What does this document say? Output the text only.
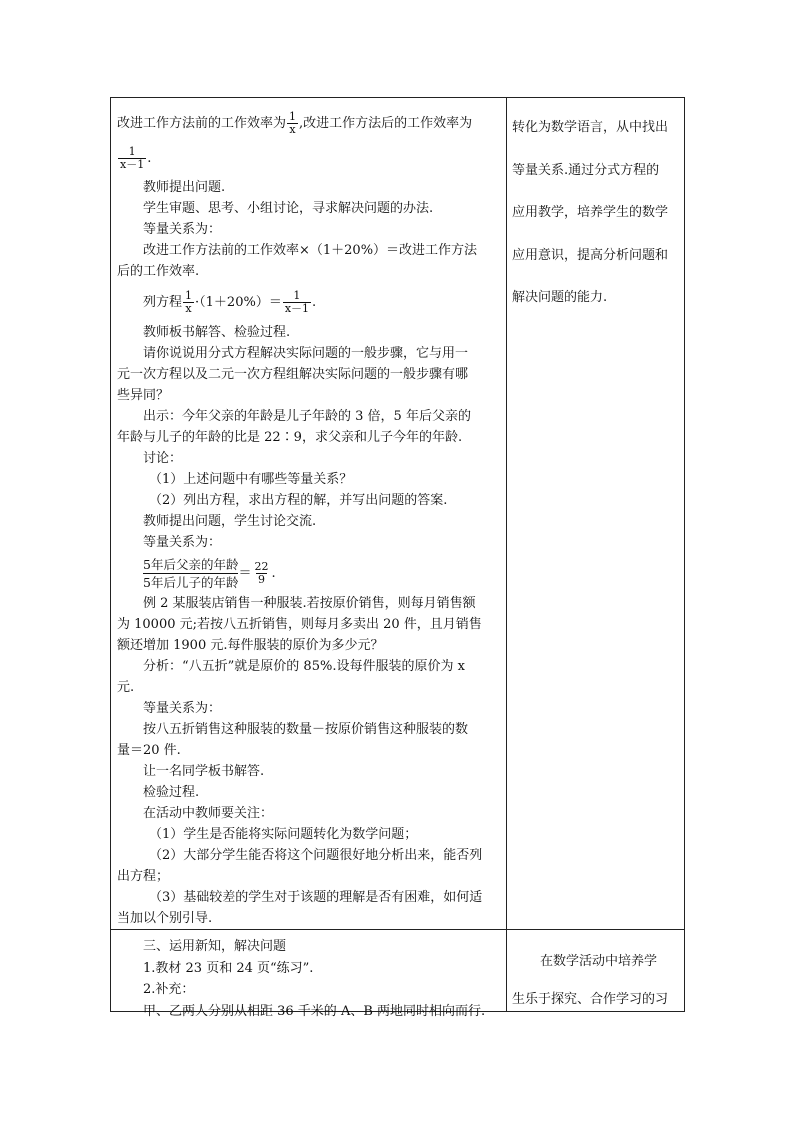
改进工作方法前的工作效率为 $\frac{1}{x}$ ,改进工作方法后的工作效率为
$\frac{1}{x-1}$ .
教师提出问题.
学生审题、思考、小组讨论，寻求解决问题的办法.
等量关系为：
改进工作方法前的工作效率×（1＋20%）＝改进工作方法
后的工作效率.
列方程 $\frac{1}{x} \cdot(1+20\%)= \frac{1}{x-1}$ .
教师板书解答、检验过程.
请你说说用分式方程解决实际问题的一般步骤，它与用一
元一次方程以及二元一次方程组解决实际问题的一般步骤有哪
些异同？
出示：今年父亲的年龄是儿子年龄的 3 倍，5 年后父亲的
年龄与儿子的年龄的比是 22∶9，求父亲和儿子今年的年龄.
讨论：
（1）上述问题中有哪些等量关系？
（2）列出方程，求出方程的解，并写出问题的答案.
教师提出问题，学生讨论交流.
等量关系为：
5年后父亲的年龄
5年后儿子的年龄
＝ $\frac{22}{9}$ .
例 2 某服装店销售一种服装.若按原价销售，则每月销售额
为 10000 元;若按八五折销售，则每月多卖出 20 件，且月销售
额还增加 1900 元.每件服装的原价为多少元？
分析：“八五折”就是原价的 85%.设每件服装的原价为 x
元.
等量关系为：
按八五折销售这种服装的数量－按原价销售这种服装的数
量＝20 件.
让一名同学板书解答.
检验过程.
在活动中教师要关注：
（1）学生是否能将实际问题转化为数学问题；
（2）大部分学生能否将这个问题很好地分析出来，能否列
出方程；
（3）基础较差的学生对于该题的理解是否有困难，如何适
当加以个别引导.
转化为数学语言，从中找出
等量关系.通过分式方程的
应用教学，培养学生的数学
应用意识，提高分析问题和
解决问题的能力.
三、运用新知，解决问题
1.教材 23 页和 24 页“练习”.
2.补充：
甲、乙两人分别从相距 36 千米的 A、B 两地同时相向而行.
在数学活动中培养学
生乐于探究、合作学习的习
